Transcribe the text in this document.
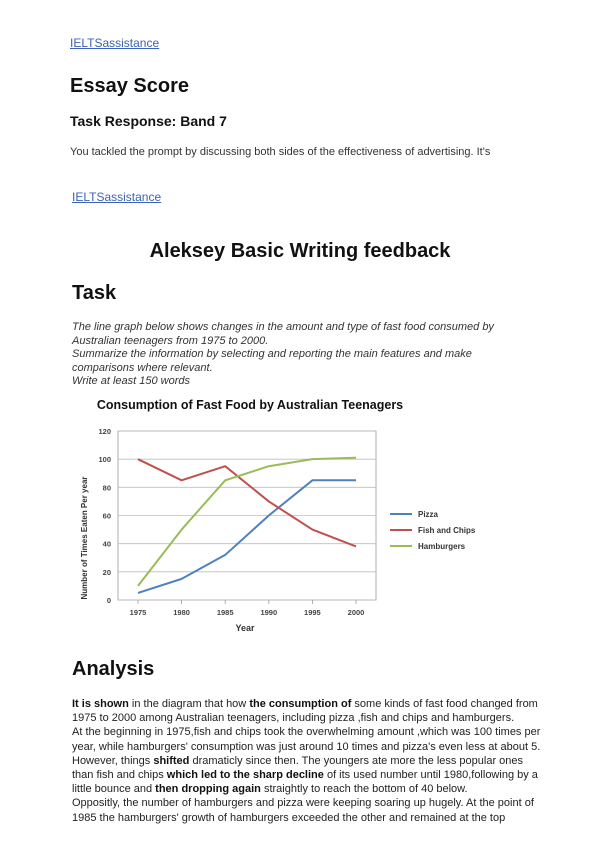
IELTSassistance
Essay Score
Task Response: Band 7
You tackled the prompt by discussing both sides of the effectiveness of advertising. It's
IELTSassistance
Aleksey Basic Writing feedback
Task
The line graph below shows changes in the amount and type of fast food consumed by
Australian teenagers from 1975 to 2000.
Summarize the information by selecting and reporting the main features and make
comparisons where relevant.
Write at least 150 words
Consumption of Fast Food by Australian Teenagers
0
20
40
60
80
100
120
1975	1980	1985	1990	1995	2000
Pizza
Fish and Chips
Hamburgers
Year
Number of Times Eaten Per year
Analysis
It is shown in the diagram that how the consumption of some kinds of fast food changed from 1975 to 2000 among Australian teenagers, including pizza ,fish and chips and hamburgers.
At the beginning in 1975,fish and chips took the overwhelming amount ,which was 100 times per year, while hamburgers' consumption was just around 10 times and pizza's even less at about 5.
However, things shifted dramaticly since then. The youngers ate more the less popular ones than fish and chips which led to the sharp decline of its used number until 1980,following by a little bounce and then dropping again straightly to reach the bottom of 40 below.
Oppositly, the number of hamburgers and pizza were keeping soaring up hugely. At the point of 1985 the hamburgers' growth of hamburgers exceeded the other and remained at the top
